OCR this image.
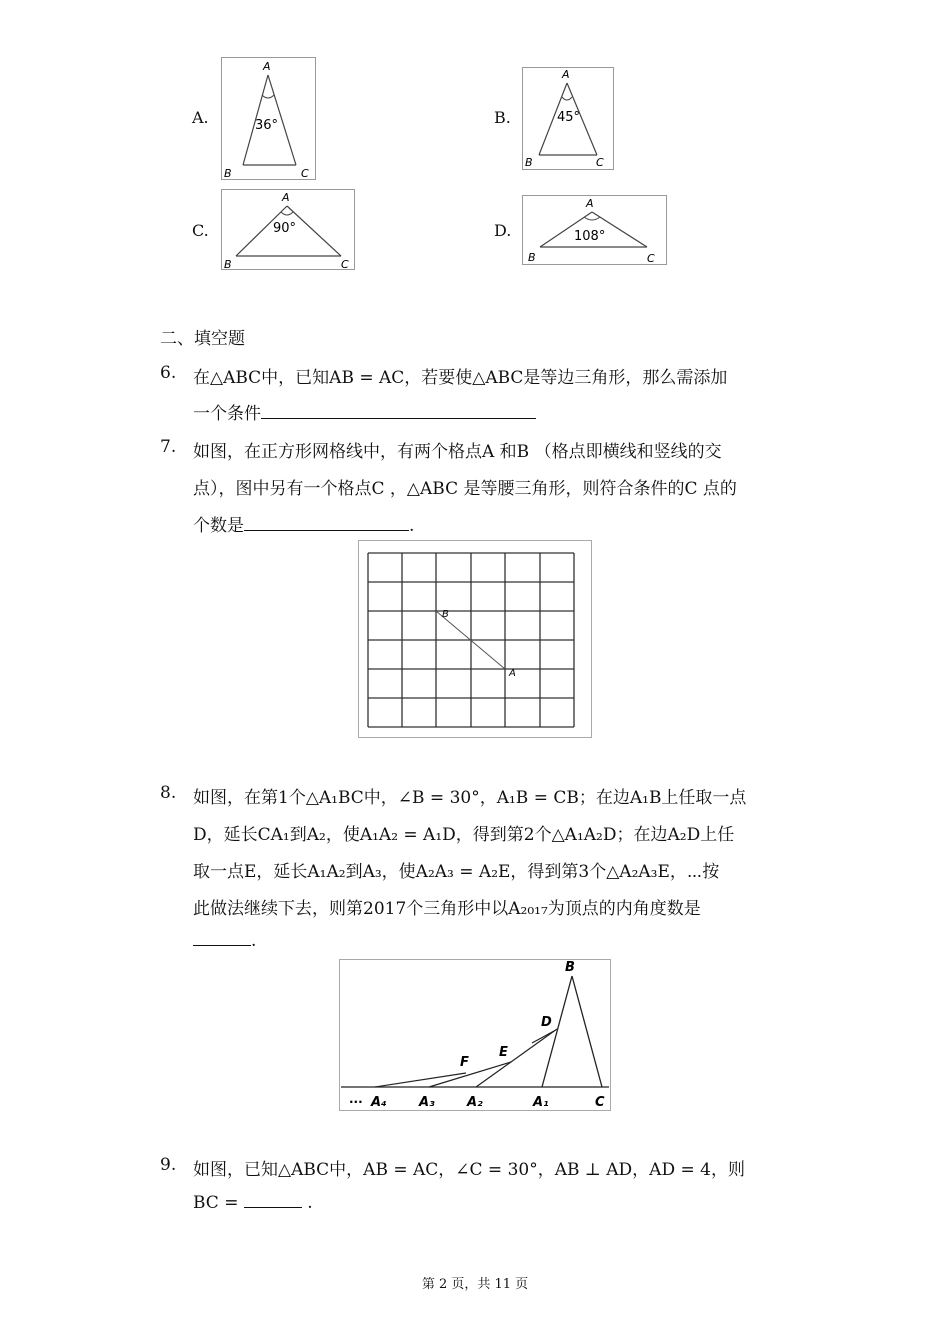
A.
A
B	C
36°	B.
A
B	C
45°
C.
A
B	C
90°	D.
A
B	C
108°
二、填空题
6. 在△ABC中，已知AB = AC，若要使△ABC是等边三角形，那么需添加
一个条件
7. 如图，在正方形网格线中，有两个格点A 和B （格点即横线和竖线的交
点），图中另有一个格点C ，△ABC 是等腰三角形，则符合条件的C 点的
个数是	.
B
A
8. 如图，在第1个△A₁BC中，∠B = 30°，A₁B = CB；在边A₁B上任取一点
D，延长CA₁到A₂，使A₁A₂ = A₁D，得到第2个△A₁A₂D；在边A₂D上任
取一点E，延长A₁A₂到A₃，使A₂A₃ = A₂E，得到第3个△A₂A₃E，⋯按
此做法继续下去，则第2017个三角形中以A₂₀₁₇为顶点的内角度数是
.
B
D
E
F
··· A₄ A₃ A₂	A₁	C
9. 如图，已知△ABC中，AB = AC，∠C = 30°，AB ⊥ AD，AD = 4，则
BC =	.
第 2 页，共 11 页
